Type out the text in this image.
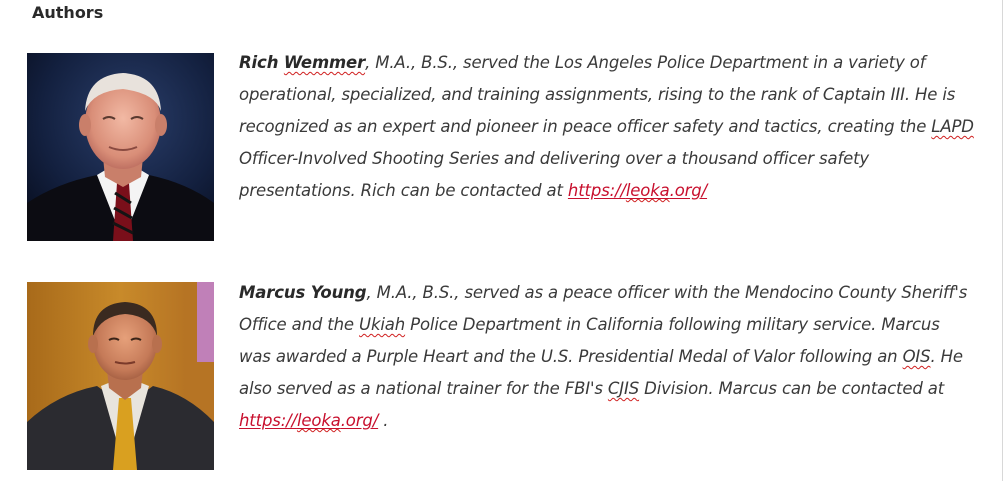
Authors

Rich Wemmer, M.A., B.S., served the Los Angeles Police Department in a variety of operational, specialized, and training assignments, rising to the rank of Captain III. He is recognized as an expert and pioneer in peace officer safety and tactics, creating the LAPD Officer-Involved Shooting Series and delivering over a thousand officer safety presentations. Rich can be contacted at https://leoka.org/

Marcus Young, M.A., B.S., served as a peace officer with the Mendocino County Sheriff's Office and the Ukiah Police Department in California following military service. Marcus was awarded a Purple Heart and the U.S. Presidential Medal of Valor following an OIS. He also served as a national trainer for the FBI's CJIS Division. Marcus can be contacted at https://leoka.org/ .
